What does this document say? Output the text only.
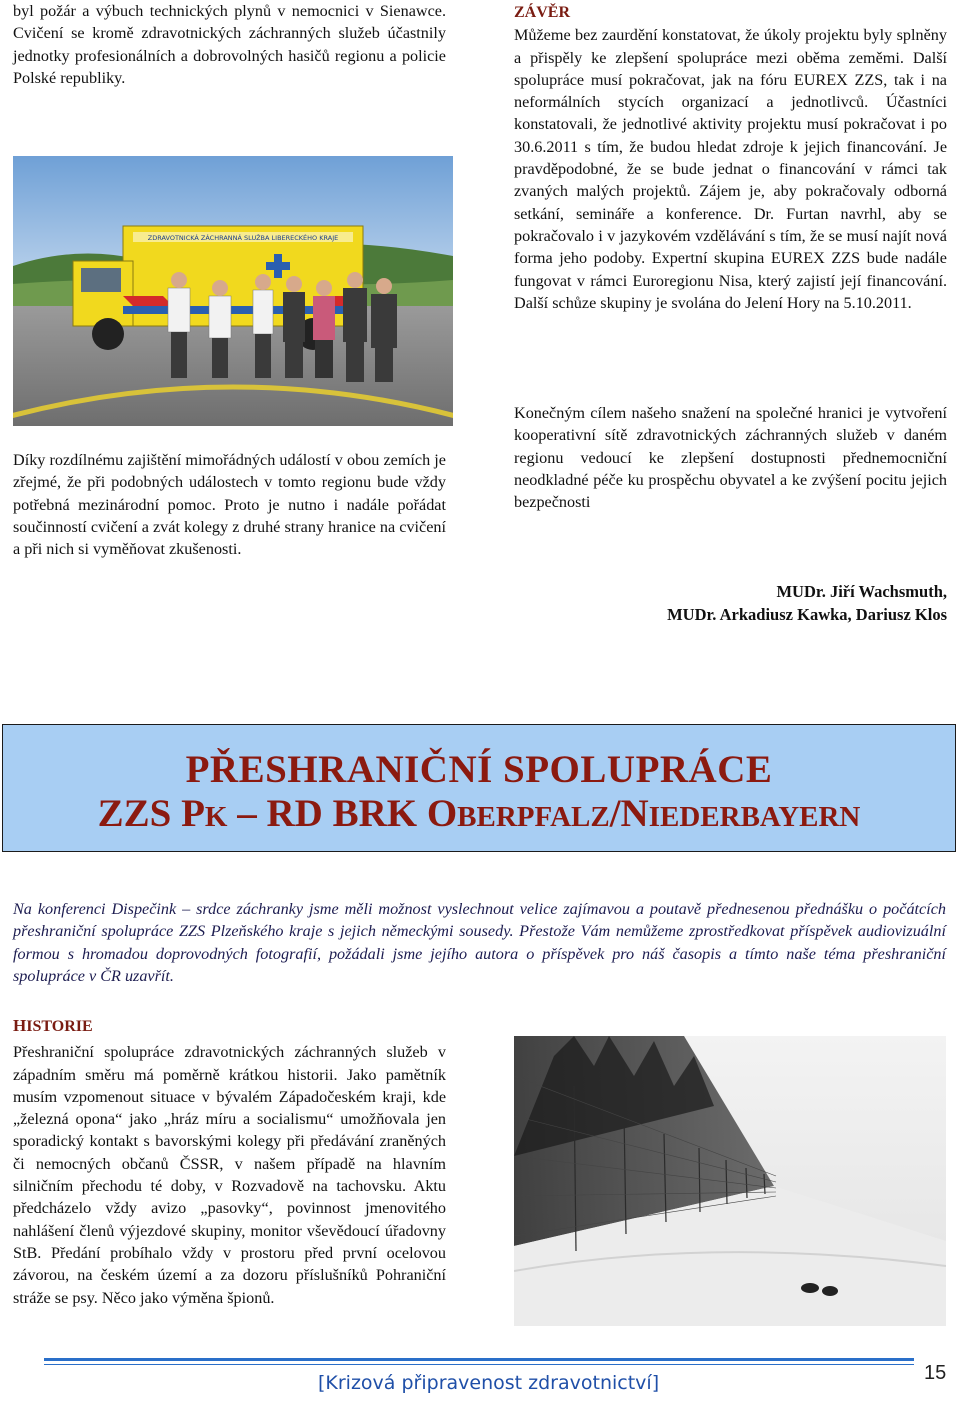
byl požár a výbuch technických plynů v nemocnici v Sienawce. Cvičení se kromě zdravotnických záchranných služeb účastnily jednotky profesionálních a dobrovolných hasičů regionu a policie Polské republiky.

ZDRAVOTNICKÁ ZÁCHRANNÁ SLUŽBA LIBERECKÉHO KRAJE

Díky rozdílnému zajištění mimořádných událostí v obou zemích je zřejmé, že při podobných událostech v tomto regionu bude vždy potřebná mezinárodní pomoc. Proto je nutno i nadále pořádat součinností cvičení a zvát kolegy z druhé strany hranice na cvičení a při nich si vyměňovat zkušenosti.

ZÁVĚR

Můžeme bez zaurdění konstatovat, že úkoly projektu byly splněny a přispěly ke zlepšení spolupráce mezi oběma zeměmi. Další spolupráce musí pokračovat, jak na fóru EUREX ZZS, tak i na neformálních stycích organizací a jednotlivců. Účastníci konstatovali, že jednotlivé aktivity projektu musí pokračovat i po 30.6.2011 s tím, že budou hledat zdroje k jejich financování. Je pravděpodobné, že se bude jednat o financování v rámci tak zvaných malých projektů. Zájem je, aby pokračovaly odborná setkání, semináře a konference. Dr. Furtan navrhl, aby se pokračovalo i v jazykovém vzdělávání s tím, že se musí najít nová forma jeho podoby. Expertní skupina EUREX ZZS bude nadále fungovat v rámci Euroregionu Nisa, který zajistí její financování. Další schůze skupiny je svolána do Jelení Hory na 5.10.2011.

Konečným cílem našeho snažení na společné hranici je vytvoření kooperativní sítě zdravotnických záchranných služeb v daném regionu vedoucí ke zlepšení dostupnosti přednemocniční neodkladné péče ku prospěchu obyvatel a ke zvýšení pocitu jejich bezpečnosti

MUDr. Jiří Wachsmuth,
MUDr. Arkadiusz Kawka, Dariusz Klos
PŘESHRANIČNÍ SPOLUPRÁCE
ZZS PK – RD BRK OBERPFALZ/NIEDERBAYERN
Na konferenci Dispečink – srdce záchranky jsme měli možnost vyslechnout velice zajímavou a poutavě přednesenou přednášku o počátcích přeshraniční spolupráce ZZS Plzeňského kraje s jejich německými sousedy. Přestože Vám nemůžeme zprostředkovat příspěvek audiovizuální formou s hromadou doprovodných fotografií, požádali jsme jejího autora o příspěvek pro náš časopis a tímto naše téma přeshraniční spolupráce v ČR uzavřít.
HISTORIE

Přeshraniční spolupráce zdravotnických záchranných služeb v západním směru má poměrně krátkou historii. Jako pamětník musím vzpomenout situace v bývalém Západočeském kraji, kde „železná opona“ jako „hráz míru a socialismu“ umožňovala jen sporadický kontakt s bavorskými kolegy při předávání zraněných či nemocných občanů ČSSR, v našem případě na hlavním silničním přechodu té doby, v Rozvadově na tachovsku. Aktu předcházelo vždy avizo „pasovky“, povinnost jmenovitého nahlášení členů výjezdové skupiny, monitor vševědoucí úřadovny StB. Předání probíhalo vždy v prostoru před první ocelovou závorou, na českém území a za dozoru příslušníků Pohraniční stráže se psy. Něco jako výměna špionů.

[Krizová připravenost zdravotnictví]	15
